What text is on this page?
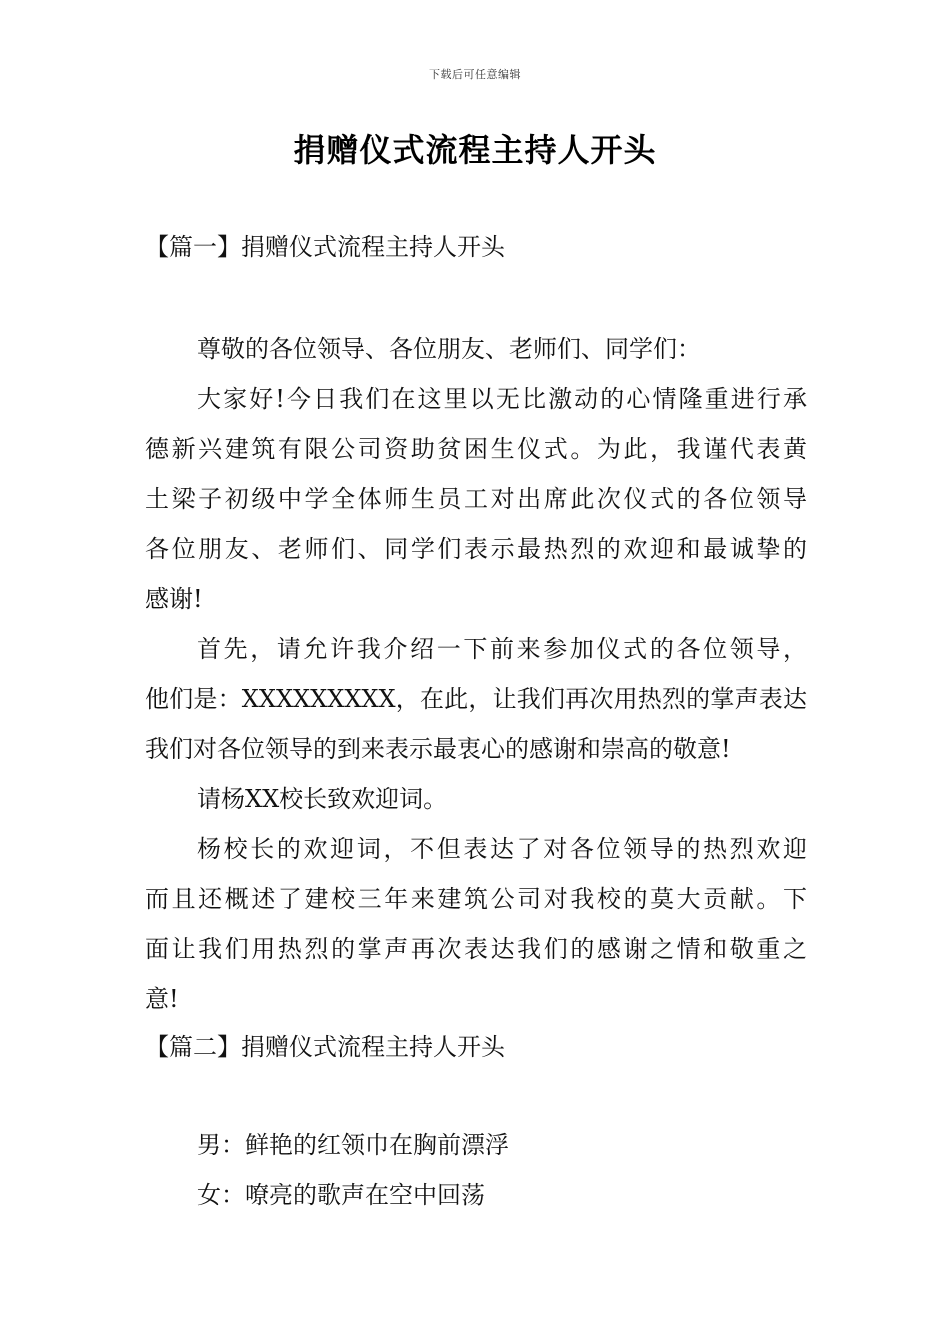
下载后可任意编辑
捐赠仪式流程主持人开头
【篇一】捐赠仪式流程主持人开头
尊敬的各位领导、各位朋友、老师们、同学们：
大家好!今日我们在这里以无比激动的心情隆重进行承
德新兴建筑有限公司资助贫困生仪式。为此，我谨代表黄
土梁子初级中学全体师生员工对出席此次仪式的各位领导
各位朋友、老师们、同学们表示最热烈的欢迎和最诚挚的
感谢!
首先，请允许我介绍一下前来参加仪式的各位领导，
他们是：XXXXXXXXX，在此，让我们再次用热烈的掌声表达
我们对各位领导的到来表示最衷心的感谢和崇高的敬意!
请杨XX校长致欢迎词。
杨校长的欢迎词，不但表达了对各位领导的热烈欢迎
而且还概述了建校三年来建筑公司对我校的莫大贡献。下
面让我们用热烈的掌声再次表达我们的感谢之情和敬重之
意!
【篇二】捐赠仪式流程主持人开头
男：鲜艳的红领巾在胸前漂浮
女：嘹亮的歌声在空中回荡
